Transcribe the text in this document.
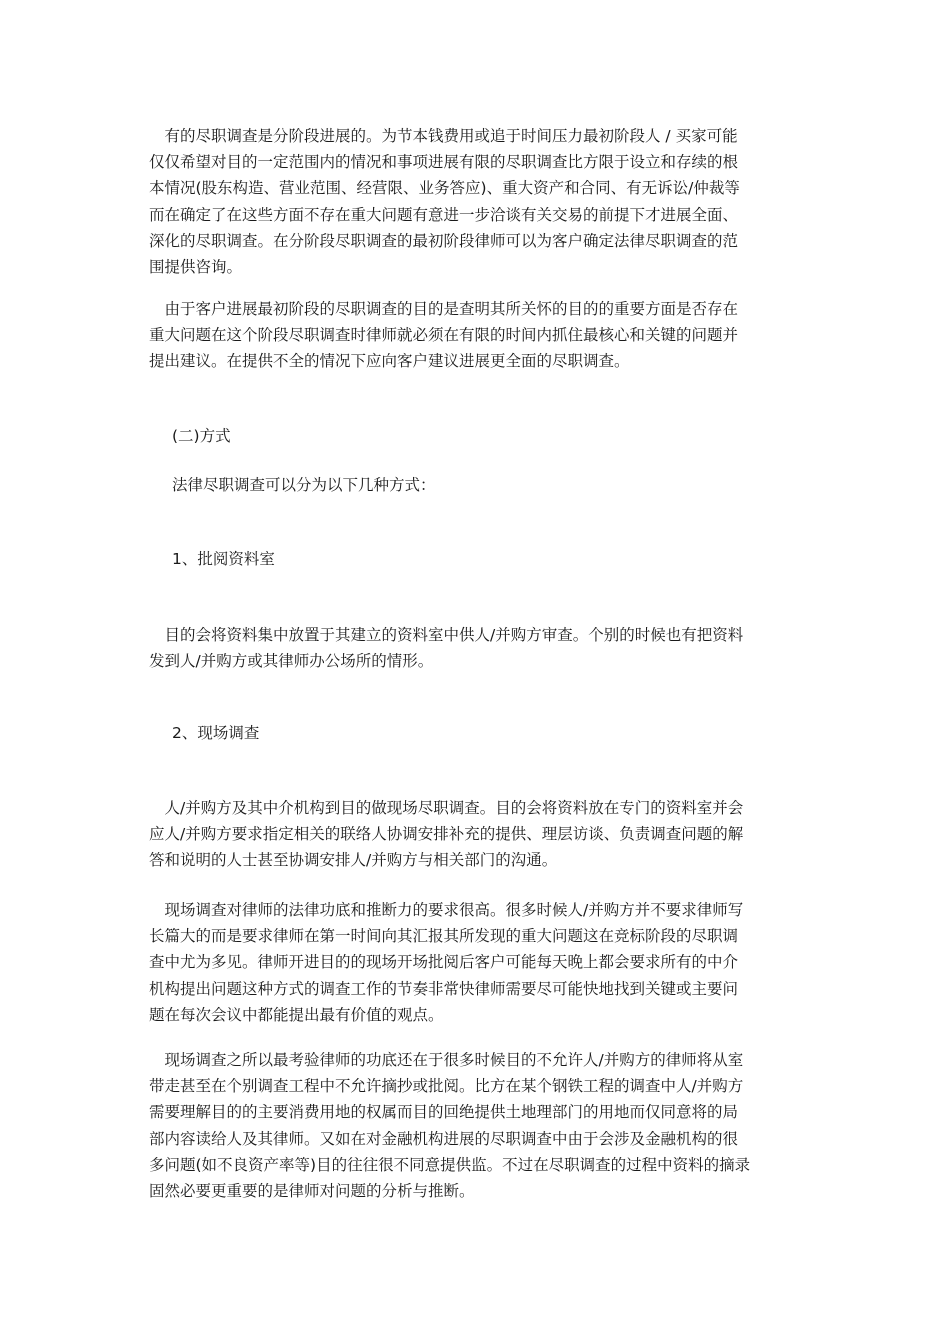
　有的尽职调查是分阶段进展的。为节本钱费用或追于时间压力最初阶段人 / 买家可能
仅仅希望对目的一定范围内的情况和事项进展有限的尽职调查比方限于设立和存续的根
本情况(股东构造、营业范围、经营限、业务答应)、重大资产和合同、有无诉讼/仲裁等
而在确定了在这些方面不存在重大问题有意进一步洽谈有关交易的前提下才进展全面、
深化的尽职调查。在分阶段尽职调查的最初阶段律师可以为客户确定法律尽职调查的范
围提供咨询。
　由于客户进展最初阶段的尽职调查的目的是查明其所关怀的目的的重要方面是否存在
重大问题在这个阶段尽职调查时律师就必须在有限的时间内抓住最核心和关键的问题并
提出建议。在提供不全的情况下应向客户建议进展更全面的尽职调查。

(二)方式

法律尽职调查可以分为以下几种方式：

1、批阅资料室

　目的会将资料集中放置于其建立的资料室中供人/并购方审查。个别的时候也有把资料
发到人/并购方或其律师办公场所的情形。

2、现场调查

　人/并购方及其中介机构到目的做现场尽职调查。目的会将资料放在专门的资料室并会
应人/并购方要求指定相关的联络人协调安排补充的提供、理层访谈、负责调查问题的解
答和说明的人士甚至协调安排人/并购方与相关部门的沟通。
　现场调查对律师的法律功底和推断力的要求很高。很多时候人/并购方并不要求律师写
长篇大的而是要求律师在第一时间向其汇报其所发现的重大问题这在竞标阶段的尽职调
查中尤为多见。律师开进目的的现场开场批阅后客户可能每天晚上都会要求所有的中介
机构提出问题这种方式的调查工作的节奏非常快律师需要尽可能快地找到关键或主要问
题在每次会议中都能提出最有价值的观点。
　现场调查之所以最考验律师的功底还在于很多时候目的不允许人/并购方的律师将从室
带走甚至在个别调查工程中不允许摘抄或批阅。比方在某个钢铁工程的调查中人/并购方
需要理解目的的主要消费用地的权属而目的回绝提供土地理部门的用地而仅同意将的局
部内容读给人及其律师。又如在对金融机构进展的尽职调查中由于会涉及金融机构的很
多问题(如不良资产率等)目的往往很不同意提供监。不过在尽职调查的过程中资料的摘录
固然必要更重要的是律师对问题的分析与推断。
